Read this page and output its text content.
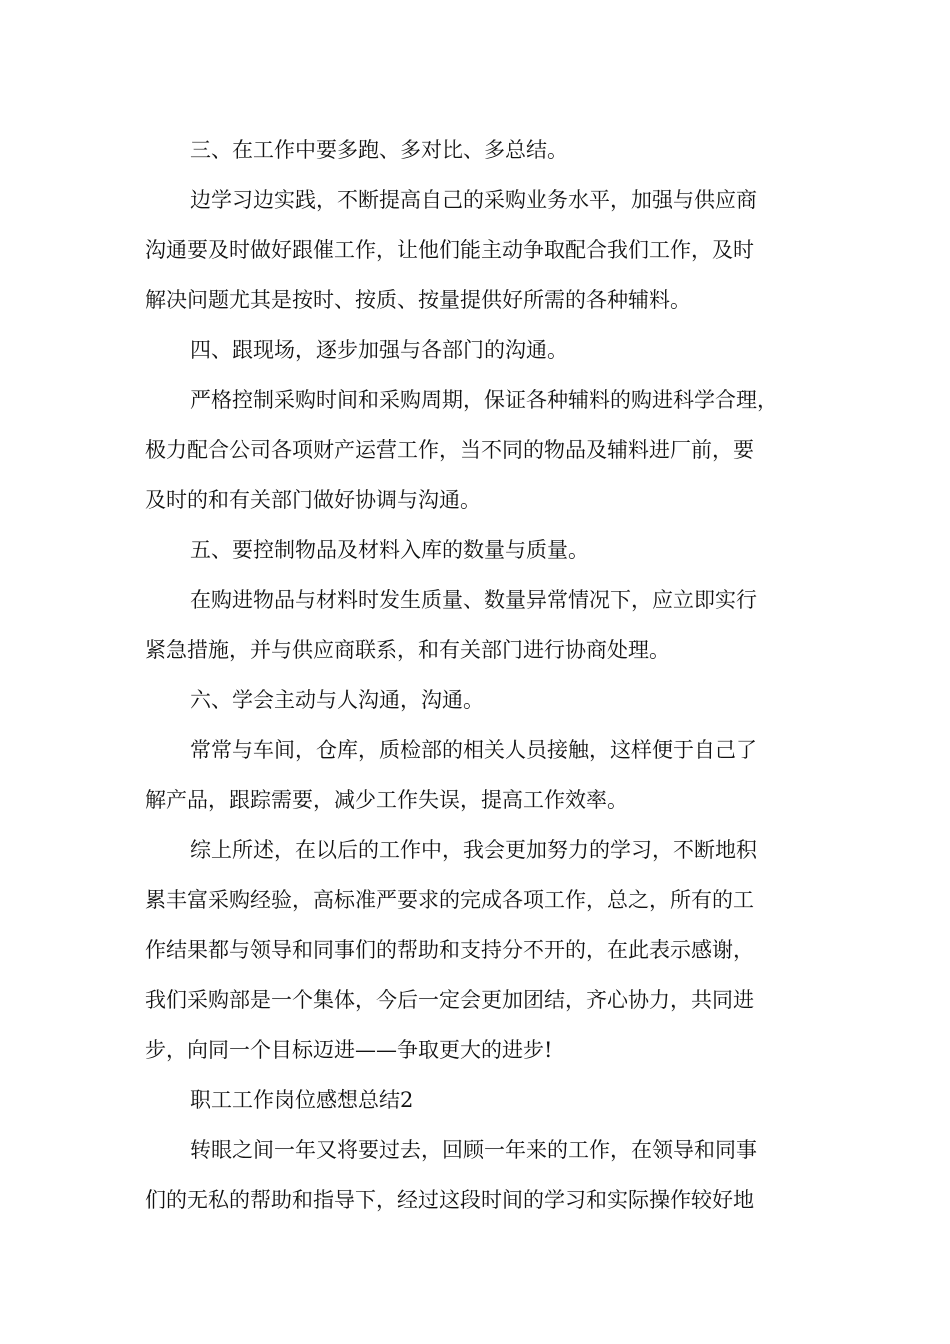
三、在工作中要多跑、多对比、多总结。
边学习边实践，不断提高自己的采购业务水平，加强与供应商
沟通要及时做好跟催工作，让他们能主动争取配合我们工作，及时
解决问题尤其是按时、按质、按量提供好所需的各种辅料。
四、跟现场，逐步加强与各部门的沟通。
严格控制采购时间和采购周期，保证各种辅料的购进科学合理，
极力配合公司各项财产运营工作，当不同的物品及辅料进厂前，要
及时的和有关部门做好协调与沟通。
五、要控制物品及材料入库的数量与质量。
在购进物品与材料时发生质量、数量异常情况下，应立即实行
紧急措施，并与供应商联系，和有关部门进行协商处理。
六、学会主动与人沟通，沟通。
常常与车间，仓库，质检部的相关人员接触，这样便于自己了
解产品，跟踪需要，减少工作失误，提高工作效率。
综上所述，在以后的工作中，我会更加努力的学习，不断地积
累丰富采购经验，高标准严要求的完成各项工作，总之，所有的工
作结果都与领导和同事们的帮助和支持分不开的，在此表示感谢，
我们采购部是一个集体，今后一定会更加团结，齐心协力，共同进
步，向同一个目标迈进——争取更大的进步!
职工工作岗位感想总结2
转眼之间一年又将要过去，回顾一年来的工作，在领导和同事
们的无私的帮助和指导下，经过这段时间的学习和实际操作较好地
